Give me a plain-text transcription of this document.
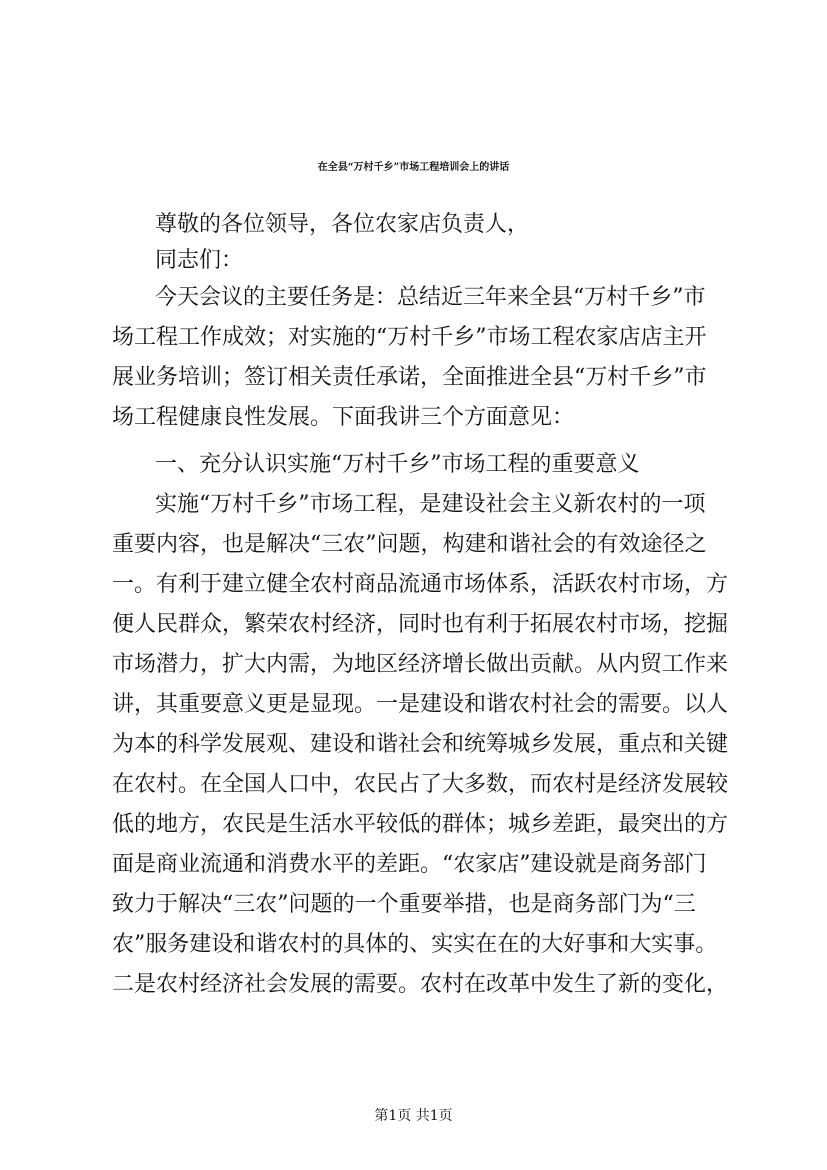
在全县“万村千乡”市场工程培训会上的讲话
尊敬的各位领导，各位农家店负责人，
同志们：
今天会议的主要任务是：总结近三年来全县“万村千乡”市
场工程工作成效；对实施的“万村千乡”市场工程农家店店主开
展业务培训；签订相关责任承诺，全面推进全县“万村千乡”市
场工程健康良性发展。下面我讲三个方面意见：
一、充分认识实施“万村千乡”市场工程的重要意义
实施“万村千乡”市场工程，是建设社会主义新农村的一项
重要内容，也是解决“三农”问题，构建和谐社会的有效途径之
一。有利于建立健全农村商品流通市场体系，活跃农村市场，方
便人民群众，繁荣农村经济，同时也有利于拓展农村市场，挖掘
市场潜力，扩大内需，为地区经济增长做出贡献。从内贸工作来
讲，其重要意义更是显现。一是建设和谐农村社会的需要。以人
为本的科学发展观、建设和谐社会和统筹城乡发展，重点和关键
在农村。在全国人口中，农民占了大多数，而农村是经济发展较
低的地方，农民是生活水平较低的群体；城乡差距，最突出的方
面是商业流通和消费水平的差距。“农家店”建设就是商务部门
致力于解决“三农”问题的一个重要举措，也是商务部门为“三
农”服务建设和谐农村的具体的、实实在在的大好事和大实事。
二是农村经济社会发展的需要。农村在改革中发生了新的变化，
第1页 共1页
